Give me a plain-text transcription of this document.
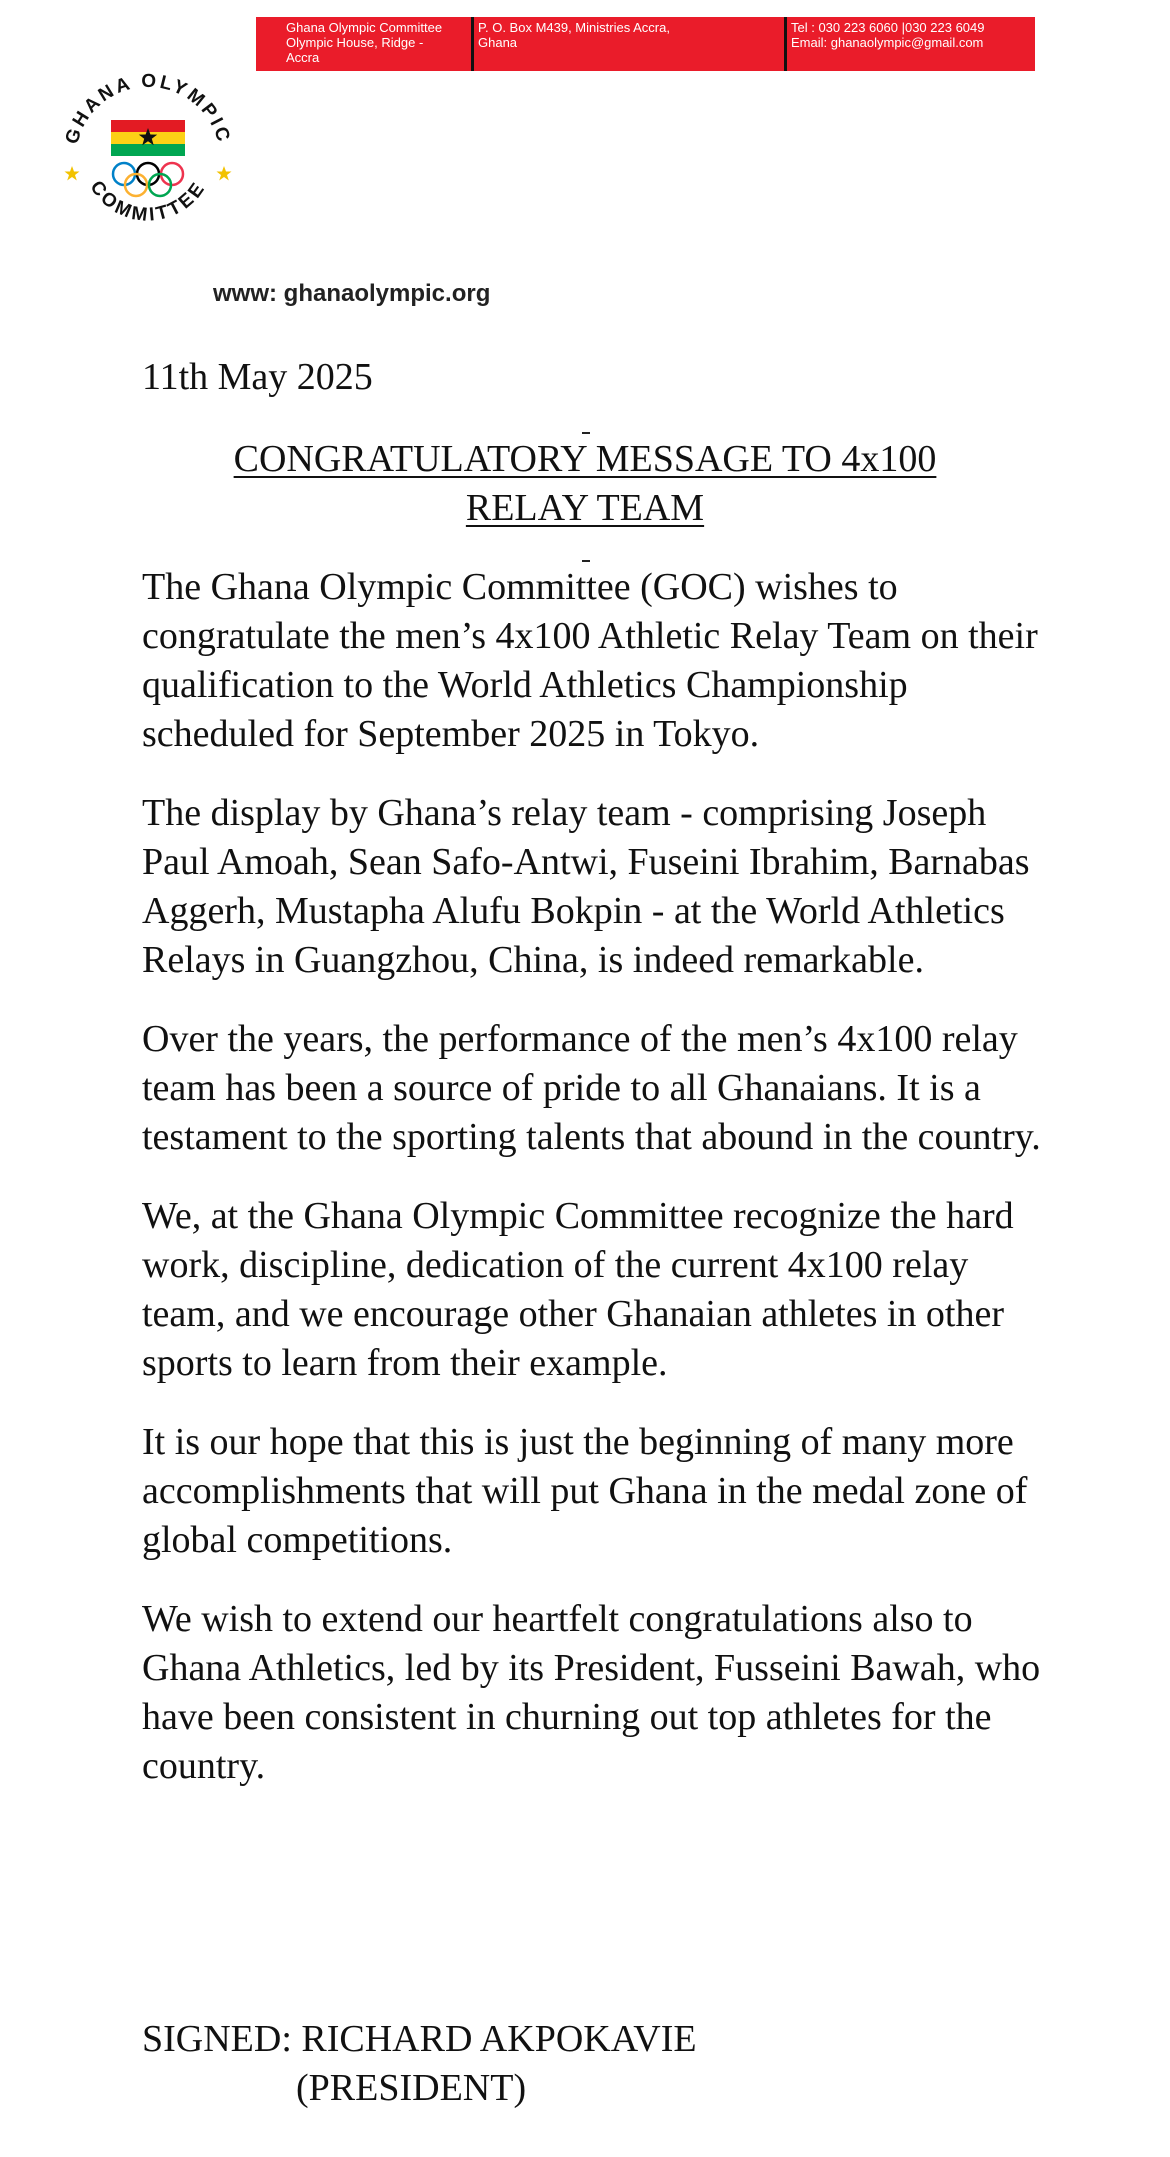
Ghana Olympic Committee
Olympic House, Ridge -
Accra
P. O. Box M439, Ministries Accra,
Ghana
Tel : 030 223 6060 |030 223 6049
Email: ghanaolympic@gmail.com
GHANA OLYMPIC
COMMITTEE
www: ghanaolympic.org
11th May 2025
CONGRATULATORY MESSAGE TO 4x100
RELAY TEAM

The Ghana Olympic Committee (GOC) wishes to congratulate the men’s 4x100 Athletic Relay Team on their qualification to the World Athletics Championship scheduled for September 2025 in Tokyo.

The display by Ghana’s relay team - comprising Joseph Paul Amoah, Sean Safo-Antwi, Fuseini Ibrahim, Barnabas Aggerh, Mustapha Alufu Bokpin - at the World Athletics Relays in Guangzhou, China, is indeed remarkable.

Over the years, the performance of the men’s 4x100 relay team has been a source of pride to all Ghanaians. It is a testament to the sporting talents that abound in the country.

We, at the Ghana Olympic Committee recognize the hard work, discipline, dedication of the current 4x100 relay team, and we encourage other Ghanaian athletes in other sports to learn from their example.

It is our hope that this is just the beginning of many more accomplishments that will put Ghana in the medal zone of global competitions.

We wish to extend our heartfelt congratulations also to Ghana Athletics, led by its President, Fusseini Bawah, who have been consistent in churning out top athletes for the country.

SIGNED: RICHARD AKPOKAVIE
(PRESIDENT)
